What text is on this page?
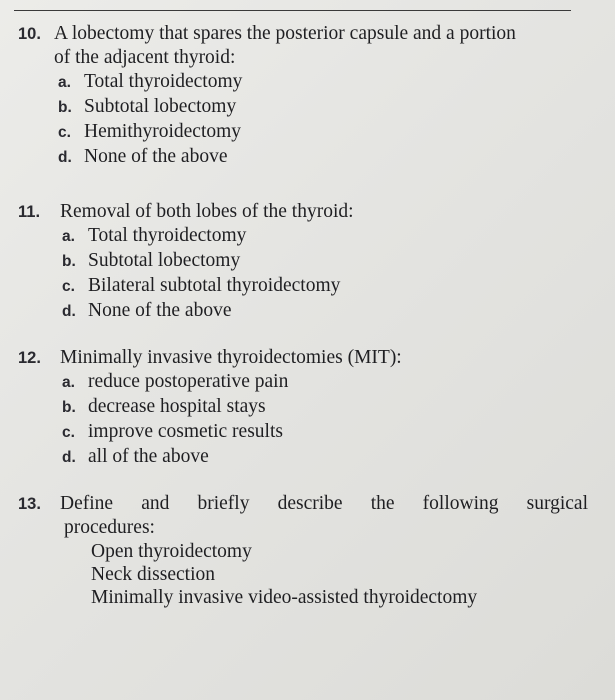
10. A lobectomy that spares the posterior capsule and a portion
of the adjacent thyroid:
a. Total thyroidectomy
b. Subtotal lobectomy
c. Hemithyroidectomy
d. None of the above
11. Removal of both lobes of the thyroid:
a. Total thyroidectomy
b. Subtotal lobectomy
c. Bilateral subtotal thyroidectomy
d. None of the above
12. Minimally invasive thyroidectomies (MIT):
a. reduce postoperative pain
b. decrease hospital stays
c. improve cosmetic results
d. all of the above
13. Define and briefly describe the following surgical
procedures:
Open thyroidectomy
Neck dissection
Minimally invasive video-assisted thyroidectomy
